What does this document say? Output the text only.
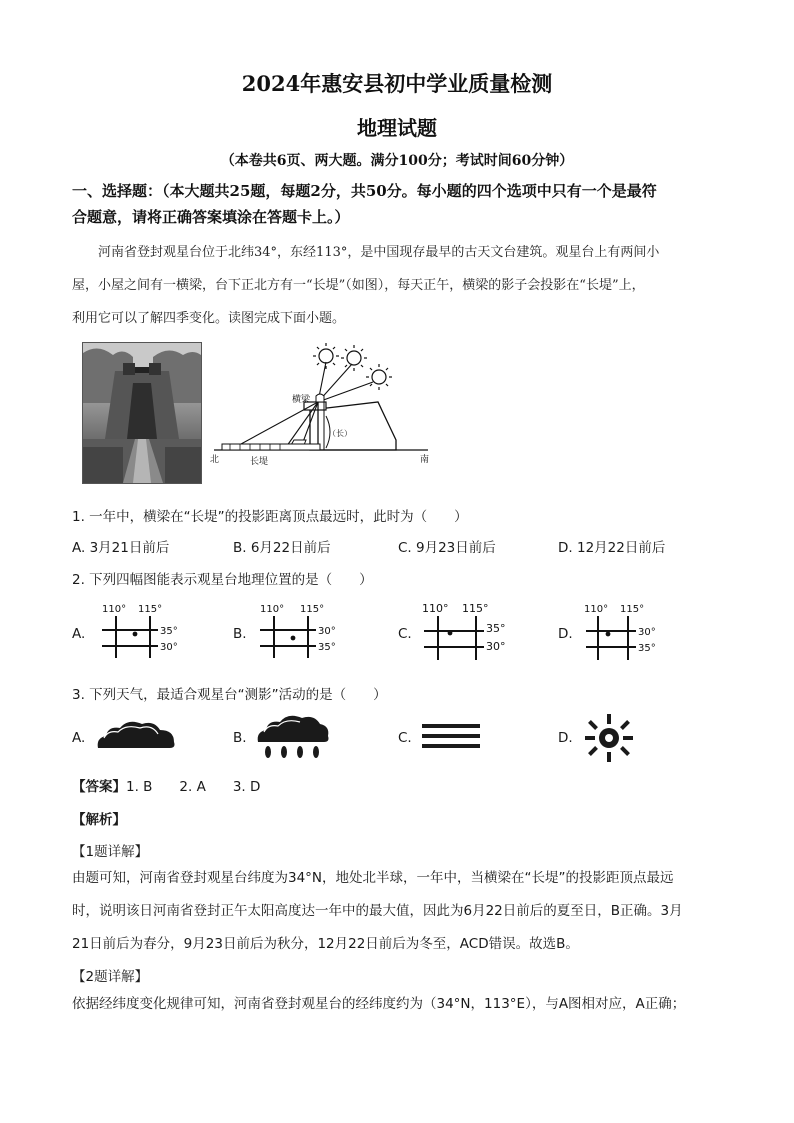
2024年惠安县初中学业质量检测
地理试题
（本卷共6页、两大题。满分100分；考试时间60分钟）
一、选择题：（本大题共25题，每题2分，共50分。每小题的四个选项中只有一个是最符
合题意，请将正确答案填涂在答题卡上。）
河南省登封观星台位于北纬34°，东经113°，是中国现存最早的古天文台建筑。观星台上有两间小
屋，小屋之间有一横梁，台下正北方有一“长堤”（如图），每天正午，横梁的影子会投影在“长堤”上，
利用它可以了解四季变化。读图完成下面小题。
横梁
北	南
（长）
长堤
1. 一年中，横梁在“长堤”的投影距离顶点最远时，此时为（　　）
A. 3月21日前后	B. 6月22日前后	C. 9月23日前后	D. 12月22日前后
2. 下列四幅图能表示观星台地理位置的是（　　）
A.
110° 115°
35°
30°
B.
110° 115°
30°
35°
C.
110° 115°
35°
30°
D.
110° 115°
30°
35°
3. 下列天气，最适合观星台“测影”活动的是（　　）
A.	B.	C.	D.
【答案】1. B　　2. A　　3. D
【解析】
【1题详解】
由题可知，河南省登封观星台纬度为34°N，地处北半球，一年中，当横梁在“长堤”的投影距顶点最远
时，说明该日河南省登封正午太阳高度达一年中的最大值，因此为6月22日前后的夏至日，B正确。3月
21日前后为春分，9月23日前后为秋分，12月22日前后为冬至，ACD错误。故选B。
【2题详解】
依据经纬度变化规律可知，河南省登封观星台的经纬度约为（34°N，113°E），与A图相对应，A正确；
